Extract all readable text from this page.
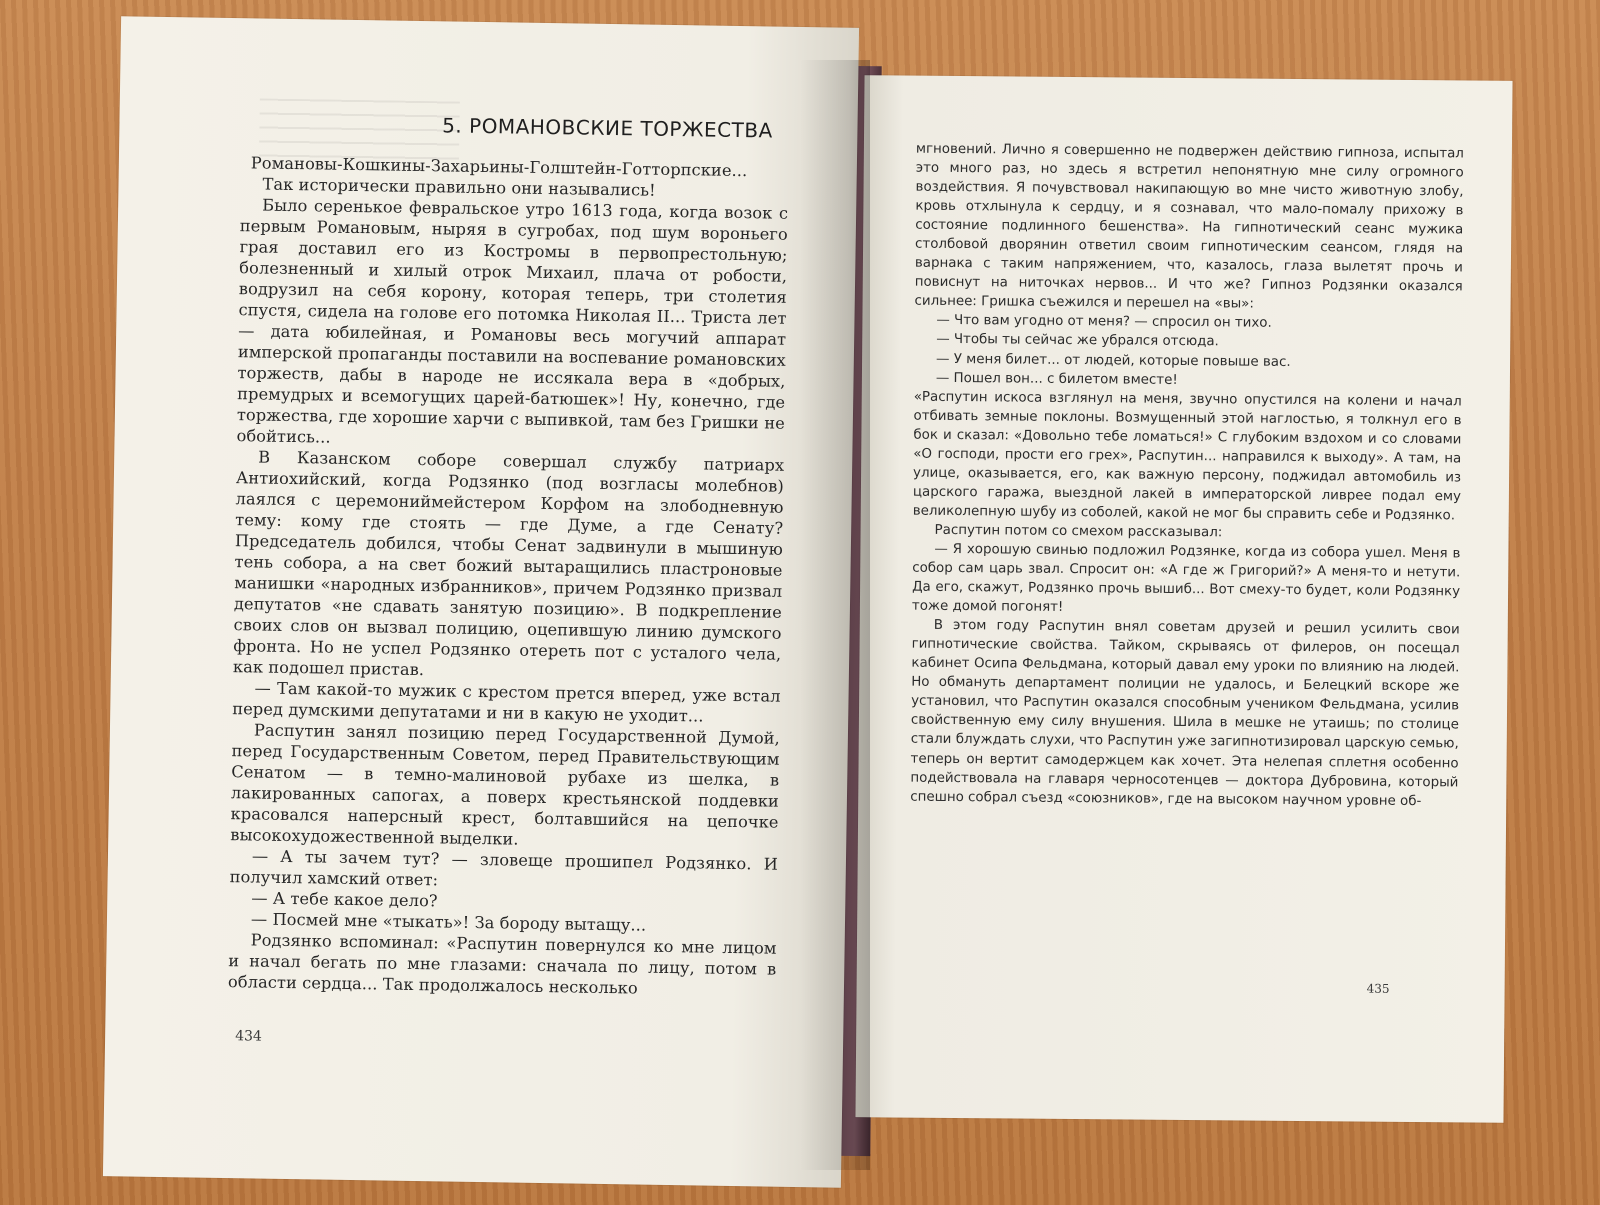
5. РОМАНОВСКИЕ ТОРЖЕСТВА

Романовы-Кошкины-Захарьины-Голштейн-Готторпские...

Так исторически правильно они назывались!

Было серенькое февральское утро 1613 года, когда возок с первым Романовым, ныряя в сугробах, под шум вороньего грая доставил его из Костромы в первопрестольную; болезненный и хилый отрок Михаил, плача от робости, водрузил на себя корону, которая теперь, три столетия спустя, сидела на голове его потомка Николая II... Триста лет — дата юбилейная, и Романовы весь могучий аппарат имперской пропаганды поставили на воспевание романовских торжеств, дабы в народе не иссякала вера в «добрых, премудрых и всемогущих царей-батюшек»! Ну, конечно, где торжества, где хорошие харчи с выпивкой, там без Гришки не обойтись...

В Казанском соборе совершал службу патриарх Антиохийский, когда Родзянко (под возгласы молебнов) лаялся с церемониймейстером Корфом на злободневную тему: кому где стоять — где Думе, а где Сенату? Председатель добился, чтобы Сенат задвинули в мышиную тень собора, а на свет божий вытаращились пластроновые манишки «народных избранников», причем Родзянко призвал депутатов «не сдавать занятую позицию». В подкрепление своих слов он вызвал полицию, оцепившую линию думского фронта. Но не успел Родзянко отереть пот с усталого чела, как подошел пристав.

— Там какой-то мужик с крестом прется вперед, уже встал перед думскими депутатами и ни в какую не уходит...

Распутин занял позицию перед Государственной Думой, перед Государственным Советом, перед Правительствующим Сенатом — в темно-малиновой рубахе из шелка, в лакированных сапогах, а поверх крестьянской поддевки красовался наперсный крест, болтавшийся на цепочке высокохудожественной выделки.

— А ты зачем тут? — зловеще прошипел Родзянко. И получил хамский ответ:

— А тебе какое дело?

— Посмей мне «тыкать»! За бороду вытащу...

Родзянко вспоминал: «Распутин повернулся ко мне лицом и начал бегать по мне глазами: сначала по лицу, потом в области сердца... Так продолжалось несколько

434

мгновений. Лично я совершенно не подвержен действию гипноза, испытал это много раз, но здесь я встретил непонятную мне силу огромного воздействия. Я почувствовал накипающую во мне чисто животную злобу, кровь отхлынула к сердцу, и я сознавал, что мало-помалу прихожу в состояние подлинного бешенства». На гипнотический сеанс мужика столбовой дворянин ответил своим гипнотическим сеансом, глядя на варнака с таким напряжением, что, казалось, глаза вылетят прочь и повиснут на ниточках нервов... И что же? Гипноз Родзянки оказался сильнее: Гришка съежился и перешел на «вы»:

— Что вам угодно от меня? — спросил он тихо.

— Чтобы ты сейчас же убрался отсюда.

— У меня билет... от людей, которые повыше вас.

— Пошел вон... с билетом вместе!

«Распутин искоса взглянул на меня, звучно опустился на колени и начал отбивать земные поклоны. Возмущенный этой наглостью, я толкнул его в бок и сказал: «Довольно тебе ломаться!» С глубоким вздохом и со словами «О господи, прости его грех», Распутин... направился к выходу». А там, на улице, оказывается, его, как важную персону, поджидал автомобиль из царского гаража, выездной лакей в императорской ливрее подал ему великолепную шубу из соболей, какой не мог бы справить себе и Родзянко.

Распутин потом со смехом рассказывал:

— Я хорошую свинью подложил Родзянке, когда из собора ушел. Меня в собор сам царь звал. Спросит он: «А где ж Григорий?» А меня-то и нетути. Да его, скажут, Родзянко прочь вышиб... Вот смеху-то будет, коли Родзянку тоже домой погонят!

В этом году Распутин внял советам друзей и решил усилить свои гипнотические свойства. Тайком, скрываясь от филеров, он посещал кабинет Осипа Фельдмана, который давал ему уроки по влиянию на людей. Но обмануть департамент полиции не удалось, и Белецкий вскоре же установил, что Распутин оказался способным учеником Фельдмана, усилив свойственную ему силу внушения. Шила в мешке не утаишь; по столице стали блуждать слухи, что Распутин уже загипнотизировал царскую семью, теперь он вертит самодержцем как хочет. Эта нелепая сплетня особенно подействовала на главаря черносотенцев — доктора Дубровина, который спешно собрал съезд «союзников», где на высоком научном уровне об-

435
